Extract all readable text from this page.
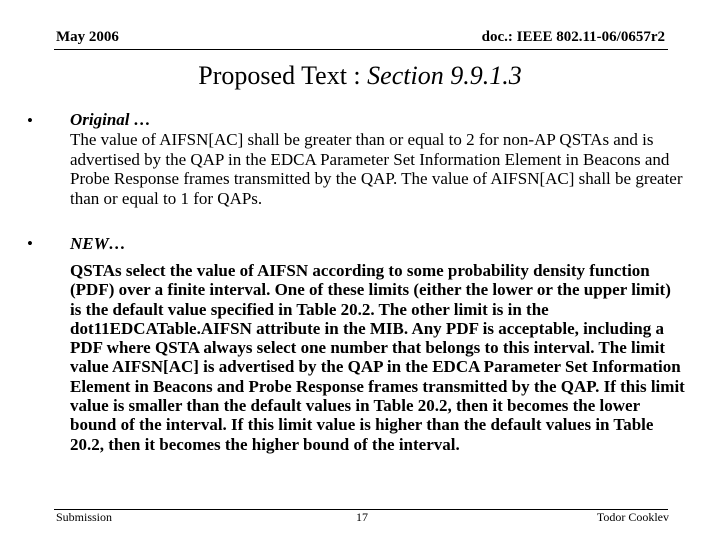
May 2006	doc.: IEEE 802.11-06/0657r2
Proposed Text : Section 9.9.1.3
• Original …
The value of AIFSN[AC] shall be greater than or equal to 2 for non-AP QSTAs and is advertised by the QAP in the EDCA Parameter Set Information Element in Beacons and Probe Response frames transmitted by the QAP. The value of AIFSN[AC] shall be greater than or equal to 1 for QAPs.
• NEW…
QSTAs select the value of AIFSN according to some probability density function (PDF) over a finite interval. One of these limits (either the lower or the upper limit) is the default value specified in Table 20.2. The other limit is in the dot11EDCATable.AIFSN attribute in the MIB. Any PDF is acceptable, including a PDF where QSTA always select one number that belongs to this interval. The limit value AIFSN[AC] is advertised by the QAP in the EDCA Parameter Set Information Element in Beacons and Probe Response frames transmitted by the QAP. If this limit value is smaller than the default values in Table 20.2, then it becomes the lower bound of the interval. If this limit value is higher than the default values in Table 20.2, then it becomes the higher bound of the interval.
Submission	17	Todor Cooklev
